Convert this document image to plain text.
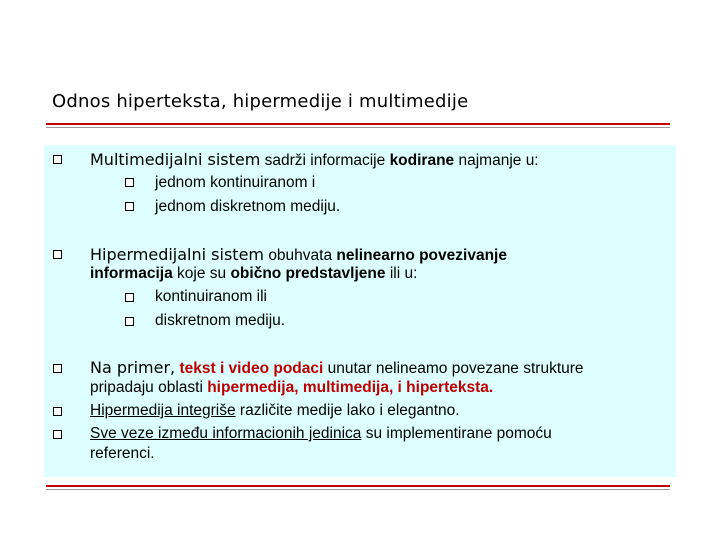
Odnos hiperteksta, hipermedije i multimedije
Multimedijalni sistem sadrži informacije kodirane najmanje u:
jednom kontinuiranom i
jednom diskretnom mediju.
Hipermedijalni sistem obuhvata nelinearno povezivanje
informacija koje su obično predstavljene ili u:
kontinuiranom ili
diskretnom mediju.
Na primer, tekst i video podaci unutar nelineamo povezane strukture
pripadaju oblasti hipermedija, multimedija, i hiperteksta.
Hipermedija integriše različite medije lako i elegantno.
Sve veze između informacionih jedinica su implementirane pomoću
referenci.
